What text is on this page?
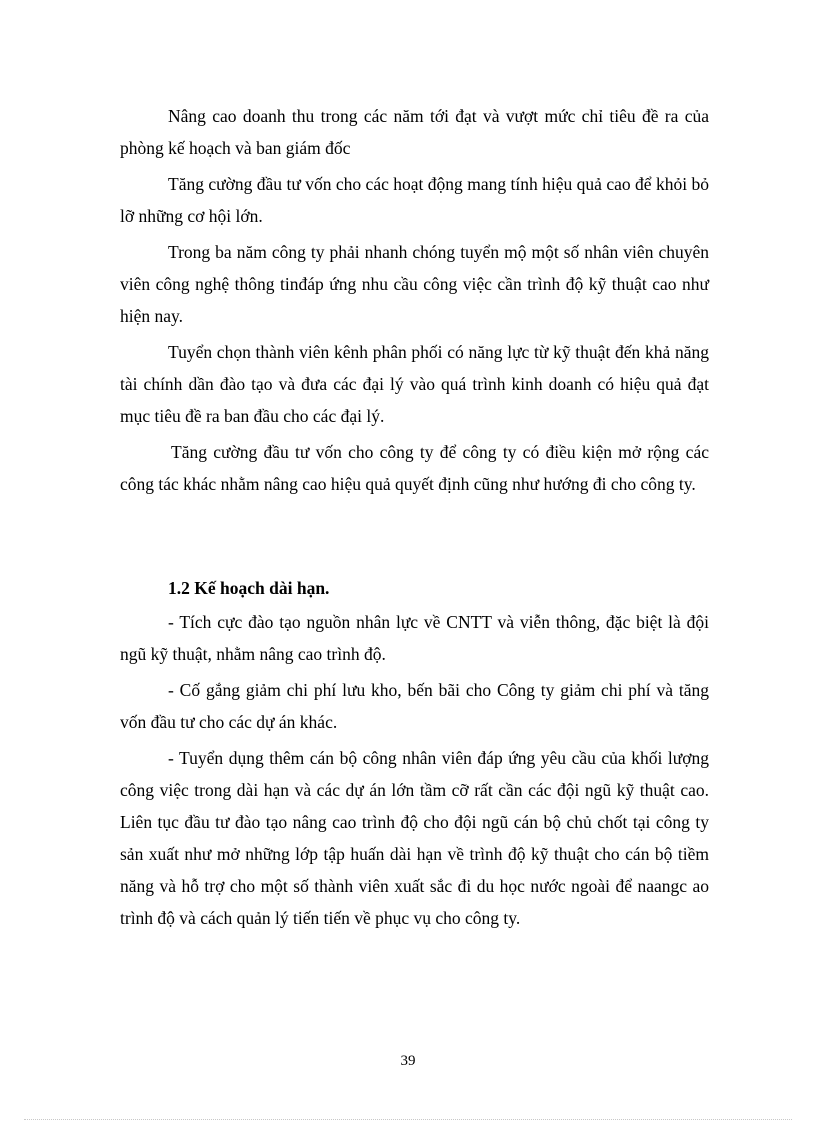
Nâng cao doanh thu trong các năm tới đạt và vượt mức chỉ tiêu đề ra của phòng kế hoạch và ban giám đốc

Tăng cường đầu tư vốn cho các hoạt động mang tính hiệu quả cao để khỏi bỏ lỡ những cơ hội lớn.

Trong ba năm công ty phải nhanh chóng tuyển mộ một số nhân viên chuyên viên công nghệ thông tinđáp ứng nhu cầu công việc cần trình độ kỹ thuật cao như hiện nay.

Tuyển chọn thành viên kênh phân phối có năng lực từ kỹ thuật đến khả năng tài chính dần đào tạo và đưa các đại lý vào quá trình kinh doanh có hiệu quả đạt mục tiêu đề ra ban đầu cho các đại lý.

Tăng cường đầu tư vốn cho công ty để công ty có điều kiện mở rộng các công tác khác nhằm nâng cao hiệu quả quyết định cũng như hướng đi cho công ty.

1.2 Kế hoạch dài hạn.

- Tích cực đào tạo nguồn nhân lực về CNTT và viễn thông, đặc biệt là đội ngũ kỹ thuật, nhằm nâng cao trình độ.

- Cố gắng giảm chi phí lưu kho, bến bãi cho Công ty giảm chi phí và tăng vốn đầu tư cho các dự án khác.

- Tuyển dụng thêm cán bộ công nhân viên đáp ứng yêu cầu của khối lượng công việc trong dài hạn và các dự án lớn tầm cỡ rất cần các đội ngũ kỹ thuật cao. Liên tục đầu tư đào tạo nâng cao trình độ cho đội ngũ cán bộ chủ chốt tại công ty sản xuất như mở những lớp tập huấn dài hạn về trình độ kỹ thuật cho cán bộ tiềm năng và hỗ trợ cho một số thành viên xuất sắc đi du học nước ngoài để naangc ao trình độ và cách quản lý tiến tiến về phục vụ cho công ty.

39
